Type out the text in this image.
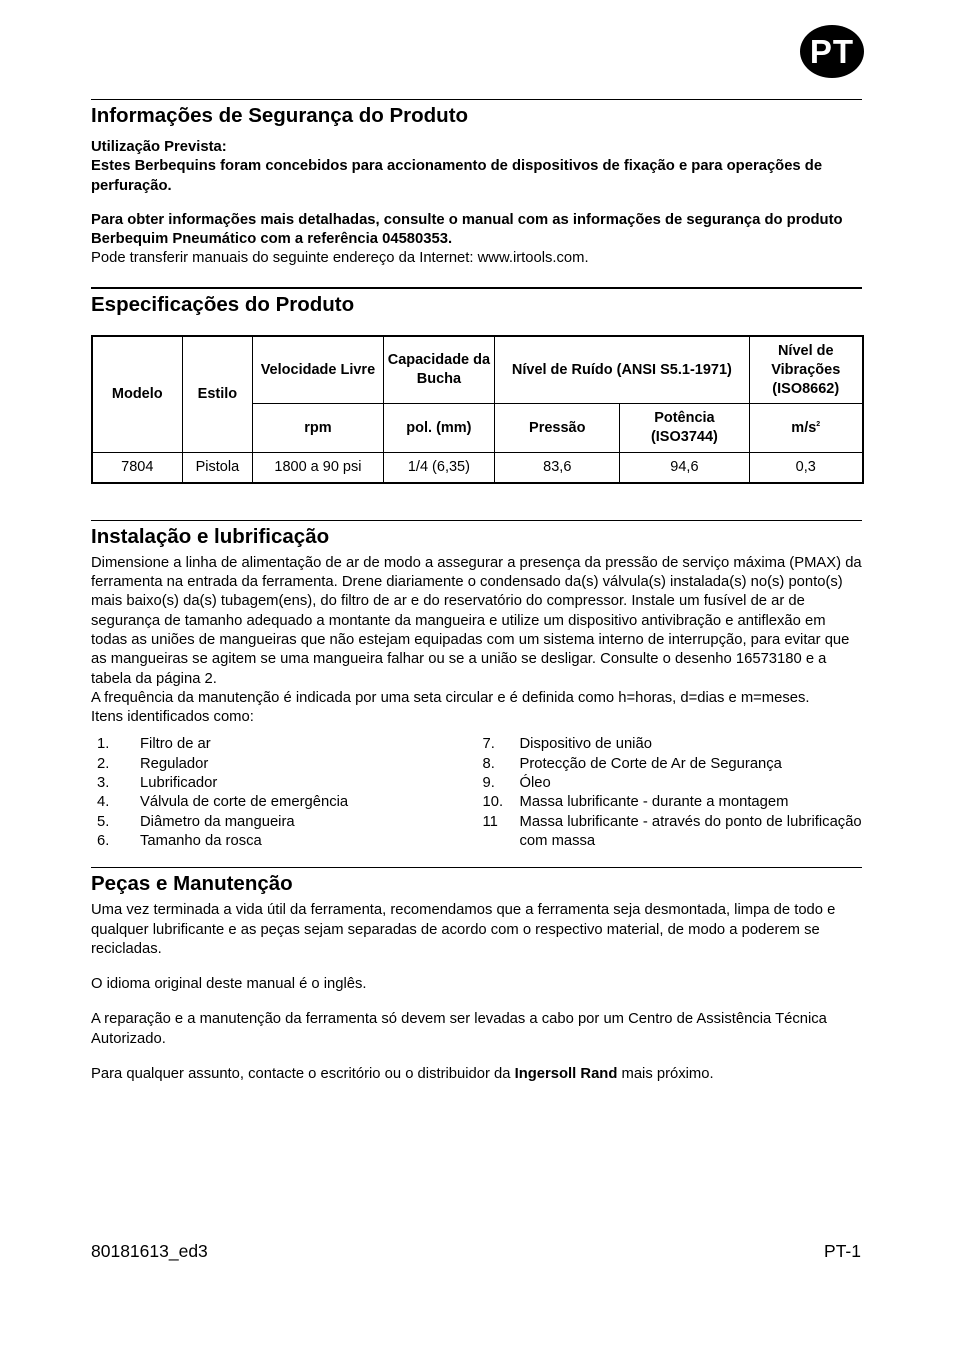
PT
Informações de Segurança do Produto

Utilização Prevista:

Estes Berbequins foram concebidos para accionamento de dispositivos de fixação e para operações de perfuração.

Para obter informações mais detalhadas, consulte o manual com as informações de segurança do produto Berbequim Pneumático com a referência 04580353.

Pode transferir manuais do seguinte endereço da Internet: www.irtools.com.

Especificações do Produto
Modelo	Estilo	Velocidade Livre	Capacidade da Bucha	Nível de Ruído (ANSI S5.1-1971)		Nível de Vibrações (ISO8662)
		rpm	pol. (mm)	Pressão	Potência (ISO3744)	$m/s^2$
7804	Pistola	1800 a 90 psi	1/4 (6,35)	83,6	94,6	0,3
Instalação e lubrificação

Dimensione a linha de alimentação de ar de modo a assegurar a presença da pressão de serviço máxima (PMAX) da ferramenta na entrada da ferramenta. Drene diariamente o condensado da(s) válvula(s) instalada(s) no(s) ponto(s) mais baixo(s) da(s) tubagem(ens), do filtro de ar e do reservatório do compressor. Instale um fusível de ar de segurança de tamanho adequado a montante da mangueira e utilize um dispositivo antivibração e antiflexão em todas as uniões de mangueiras que não estejam equipadas com um sistema interno de interrupção, para evitar que as mangueiras se agitem se uma mangueira falhar ou se a união se desligar. Consulte o desenho 16573180 e a tabela da página 2.

A frequência da manutenção é indicada por uma seta circular e é definida como h=horas, d=dias e m=meses.

Itens identificados como:

1.	Filtro de ar
2.	Regulador
3.	Lubrificador
4.	Válvula de corte de emergência
5.	Diâmetro da mangueira
6.	Tamanho da rosca
7.	Dispositivo de união
8.	Protecção de Corte de Ar de Segurança
9.	Óleo
10.	Massa lubrificante - durante a montagem
11	Massa lubrificante - através do ponto de lubrificação com massa
Peças e Manutenção

Uma vez terminada a vida útil da ferramenta, recomendamos que a ferramenta seja desmontada, limpa de todo e qualquer lubrificante e as peças sejam separadas de acordo com o respectivo material, de modo a poderem se recicladas.

O idioma original deste manual é o inglês.

A reparação e a manutenção da ferramenta só devem ser levadas a cabo por um Centro de Assistência Técnica Autorizado.

Para qualquer assunto, contacte o escritório ou o distribuidor da Ingersoll Rand mais próximo.

80181613_ed3	PT-1
